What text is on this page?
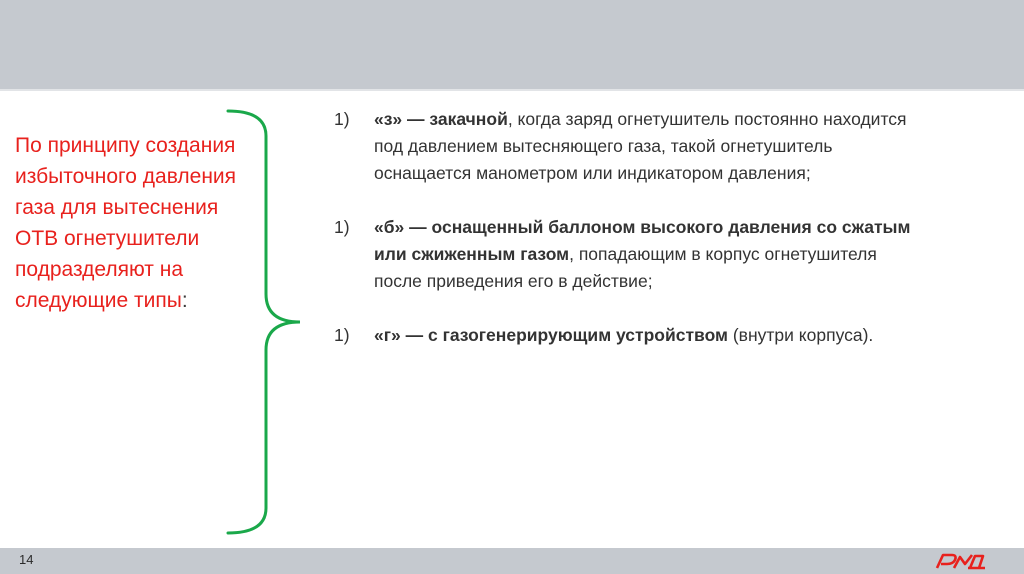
По принципу создания избыточного давления газа для вытеснения ОТВ огнетушители подразделяют на следующие типы:
1) «з» — закачной, когда заряд огнетушитель постоянно находится под давлением вытесняющего газа, такой огнетушитель оснащается манометром или индикатором давления;
1) «б» — оснащенный баллоном высокого давления со сжатым или сжиженным газом, попадающим в корпус огнетушителя после приведения его в действие;
1) «г» — с газогенерирующим устройством (внутри корпуса).
14
